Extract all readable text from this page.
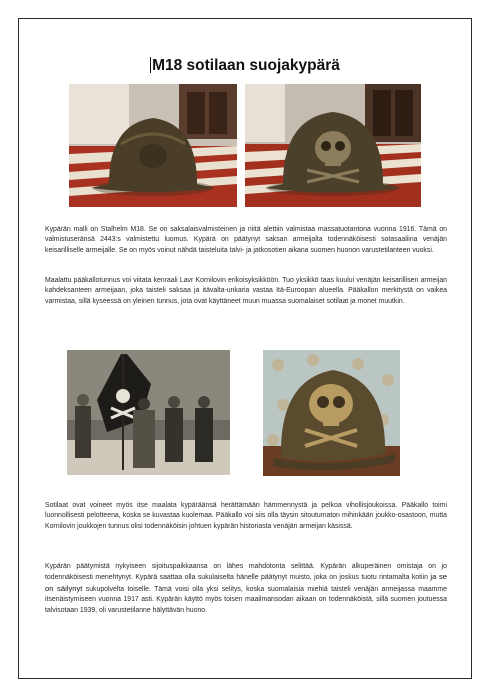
M18 sotilaan suojakypärä

Kypärän malli on Stalhelm M18. Se on saksalaisvalmisteinen ja niitä alettiin valmistaa massatuotantona vuonna 1916. Tämä on valmistuseränsä 2443:s valmistettu luomus. Kypärä on päätynyt saksan armeijalta todennäköisesti sotasaaliina venäjän keisarilliselle armeijalle. Se on myös voinut nähdä taisteluita talvi- ja jatkosotien aikana suomen huonon varustetilanteen vuoksi.

Maalattu pääkallotunnus voi viitata kenraali Lavr Kornilovin erikoisyksikköön. Tuo yksikkö taas kuului venäjän keisarillisen armeijan kahdeksanteen armeijaan, joka taisteli saksaa ja itävalta-unkaria vastaa Itä-Euroopan alueella. Pääkallon merkitystä on vaikea varmistaa, sillä kyseessä on yleinen tunnus, jota ovat käyttäneet muun muassa suomalaiset sotilaat ja monet muutkin.

Sotilaat ovat voineet myös itse maalata kypäräänsä herättämään hämmennystä ja pelkoa vihollisjoukoissa. Pääkallo toimi luonnollisesti pelotteena, koska se kuvastaa kuolemaa. Pääkallo voi siis olla täysin sitoutumaton mihinkään joukko-osastoon, mutta Kornilovin joukkojen tunnus olisi todennäköisin johtuen kypärän historiasta venäjän armeijan käsissä.

Kypärän päätymistä nykyiseen sijoituspaikkaansa on lähes mahdotonta selittää. Kypärän alkuperäinen omistaja on jo todennäköisesti menehtynyt. Kypärä saattaa olla sukulaiselta hänelle päätynyt muisto, joka on joskus tuotu rintamalta kotiin ja se on säilynyt sukupolvelta toiselle. Tämä voisi olla yksi selitys, koska suomalaisia miehiä taisteli venäjän armeijassa maamme itsenäistymiseen vuonna 1917 asti. Kypärän käyttö myös toisen maailmansodan aikaan on todennäköistä, sillä suomen joutuessa talvisotaan 1939, oli varustetilanne hälyttävän huono.
